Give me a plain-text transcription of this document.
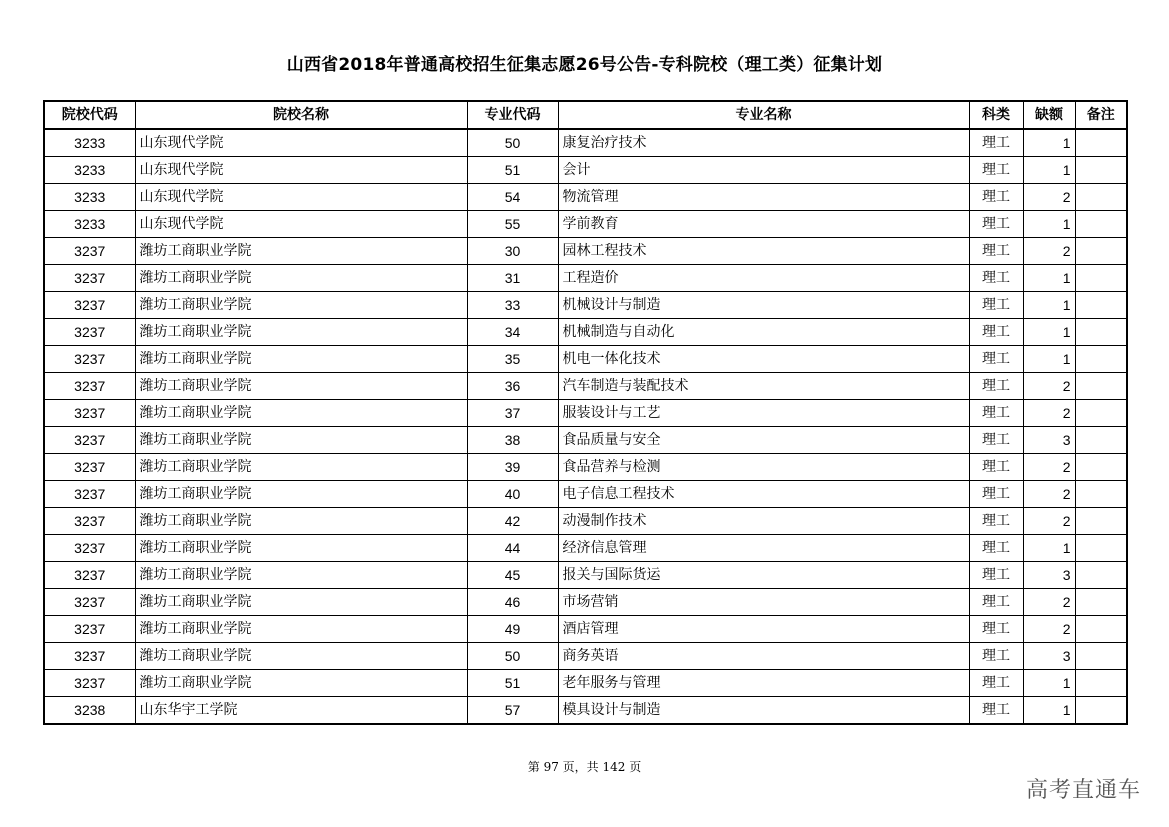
山西省2018年普通高校招生征集志愿26号公告-专科院校（理工类）征集计划
院校代码	院校名称	专业代码	专业名称	科类	缺额	备注
3233	山东现代学院	50	康复治疗技术	理工	1	
3233	山东现代学院	51	会计	理工	1	
3233	山东现代学院	54	物流管理	理工	2	
3233	山东现代学院	55	学前教育	理工	1	
3237	潍坊工商职业学院	30	园林工程技术	理工	2	
3237	潍坊工商职业学院	31	工程造价	理工	1	
3237	潍坊工商职业学院	33	机械设计与制造	理工	1	
3237	潍坊工商职业学院	34	机械制造与自动化	理工	1	
3237	潍坊工商职业学院	35	机电一体化技术	理工	1	
3237	潍坊工商职业学院	36	汽车制造与装配技术	理工	2	
3237	潍坊工商职业学院	37	服装设计与工艺	理工	2	
3237	潍坊工商职业学院	38	食品质量与安全	理工	3	
3237	潍坊工商职业学院	39	食品营养与检测	理工	2	
3237	潍坊工商职业学院	40	电子信息工程技术	理工	2	
3237	潍坊工商职业学院	42	动漫制作技术	理工	2	
3237	潍坊工商职业学院	44	经济信息管理	理工	1	
3237	潍坊工商职业学院	45	报关与国际货运	理工	3	
3237	潍坊工商职业学院	46	市场营销	理工	2	
3237	潍坊工商职业学院	49	酒店管理	理工	2	
3237	潍坊工商职业学院	50	商务英语	理工	3	
3237	潍坊工商职业学院	51	老年服务与管理	理工	1	
3238	山东华宇工学院	57	模具设计与制造	理工	1	
第 97 页，共 142 页
高考直通车
